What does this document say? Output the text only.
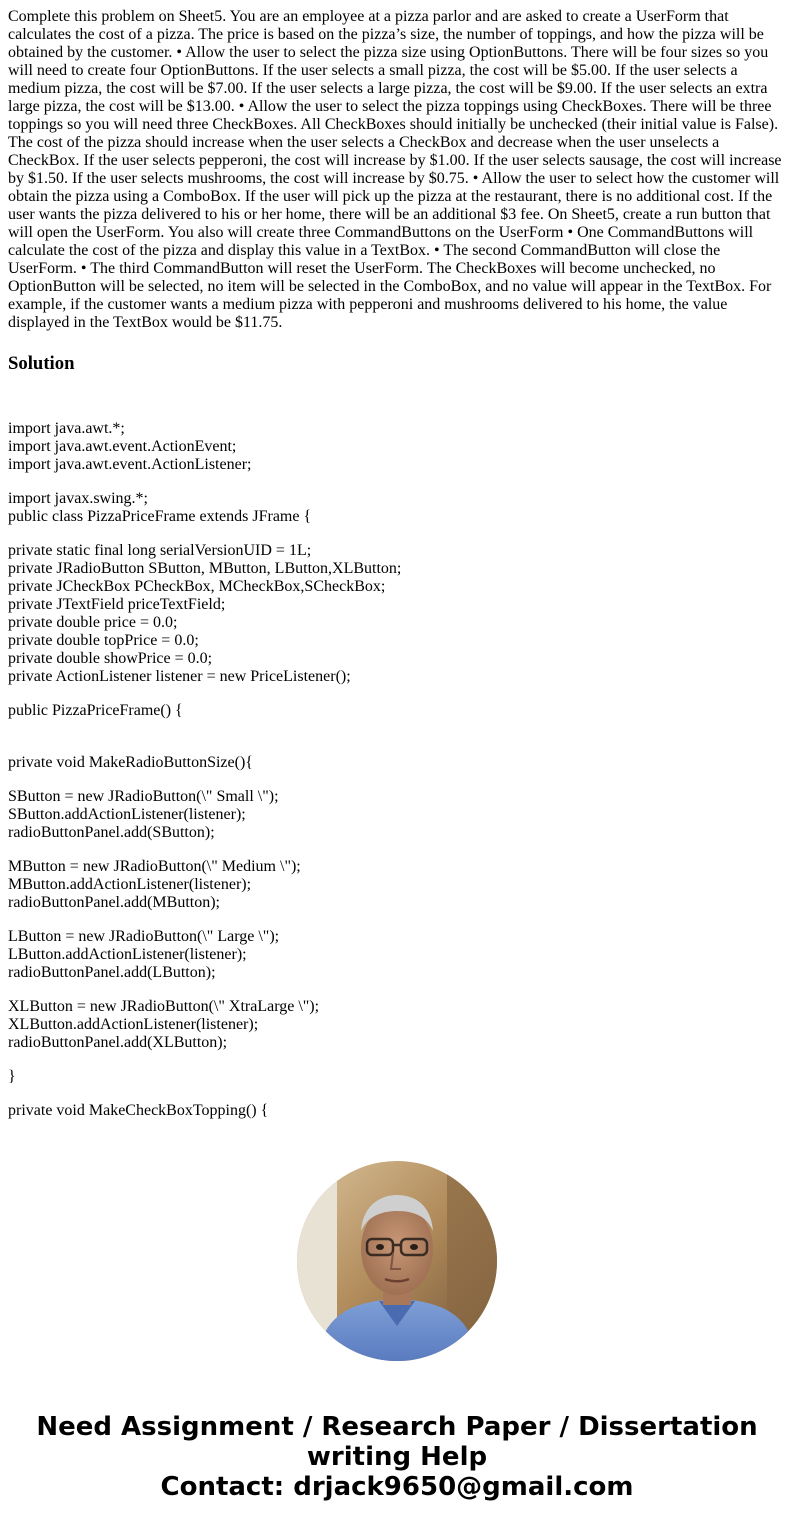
Complete this problem on Sheet5. You are an employee at a pizza parlor and are asked to create a UserForm that calculates the cost of a pizza. The price is based on the pizza’s size, the number of toppings, and how the pizza will be obtained by the customer. • Allow the user to select the pizza size using OptionButtons. There will be four sizes so you will need to create four OptionButtons. If the user selects a small pizza, the cost will be $5.00. If the user selects a medium pizza, the cost will be $7.00. If the user selects a large pizza, the cost will be $9.00. If the user selects an extra large pizza, the cost will be $13.00. • Allow the user to select the pizza toppings using CheckBoxes. There will be three toppings so you will need three CheckBoxes. All CheckBoxes should initially be unchecked (their initial value is False). The cost of the pizza should increase when the user selects a CheckBox and decrease when the user unselects a CheckBox. If the user selects pepperoni, the cost will increase by $1.00. If the user selects sausage, the cost will increase by $1.50. If the user selects mushrooms, the cost will increase by $0.75. • Allow the user to select how the customer will obtain the pizza using a ComboBox. If the user will pick up the pizza at the restaurant, there is no additional cost. If the user wants the pizza delivered to his or her home, there will be an additional $3 fee. On Sheet5, create a run button that will open the UserForm. You also will create three CommandButtons on the UserForm • One CommandButtons will calculate the cost of the pizza and display this value in a TextBox. • The second CommandButton will close the UserForm. • The third CommandButton will reset the UserForm. The CheckBoxes will become unchecked, no OptionButton will be selected, no item will be selected in the ComboBox, and no value will appear in the TextBox. For example, if the customer wants a medium pizza with pepperoni and mushrooms delivered to his home, the value displayed in the TextBox would be $11.75.
Solution
import java.awt.*;
import java.awt.event.ActionEvent;
import java.awt.event.ActionListener;
import javax.swing.*;
public class PizzaPriceFrame extends JFrame {
private static final long serialVersionUID = 1L;
private JRadioButton SButton, MButton, LButton,XLButton;
private JCheckBox PCheckBox, MCheckBox,SCheckBox;
private JTextField priceTextField;
private double price = 0.0;
private double topPrice = 0.0;
private double showPrice = 0.0;
private ActionListener listener = new PriceListener();
public PizzaPriceFrame() {
private void MakeRadioButtonSize(){
SButton = new JRadioButton(\" Small \");
SButton.addActionListener(listener);
radioButtonPanel.add(SButton);
MButton = new JRadioButton(\" Medium \");
MButton.addActionListener(listener);
radioButtonPanel.add(MButton);
LButton = new JRadioButton(\" Large \");
LButton.addActionListener(listener);
radioButtonPanel.add(LButton);
XLButton = new JRadioButton(\" XtraLarge \");
XLButton.addActionListener(listener);
radioButtonPanel.add(XLButton);
}
private void MakeCheckBoxTopping() {
Need Assignment / Research Paper / Dissertation
writing Help
Contact: drjack9650@gmail.com
